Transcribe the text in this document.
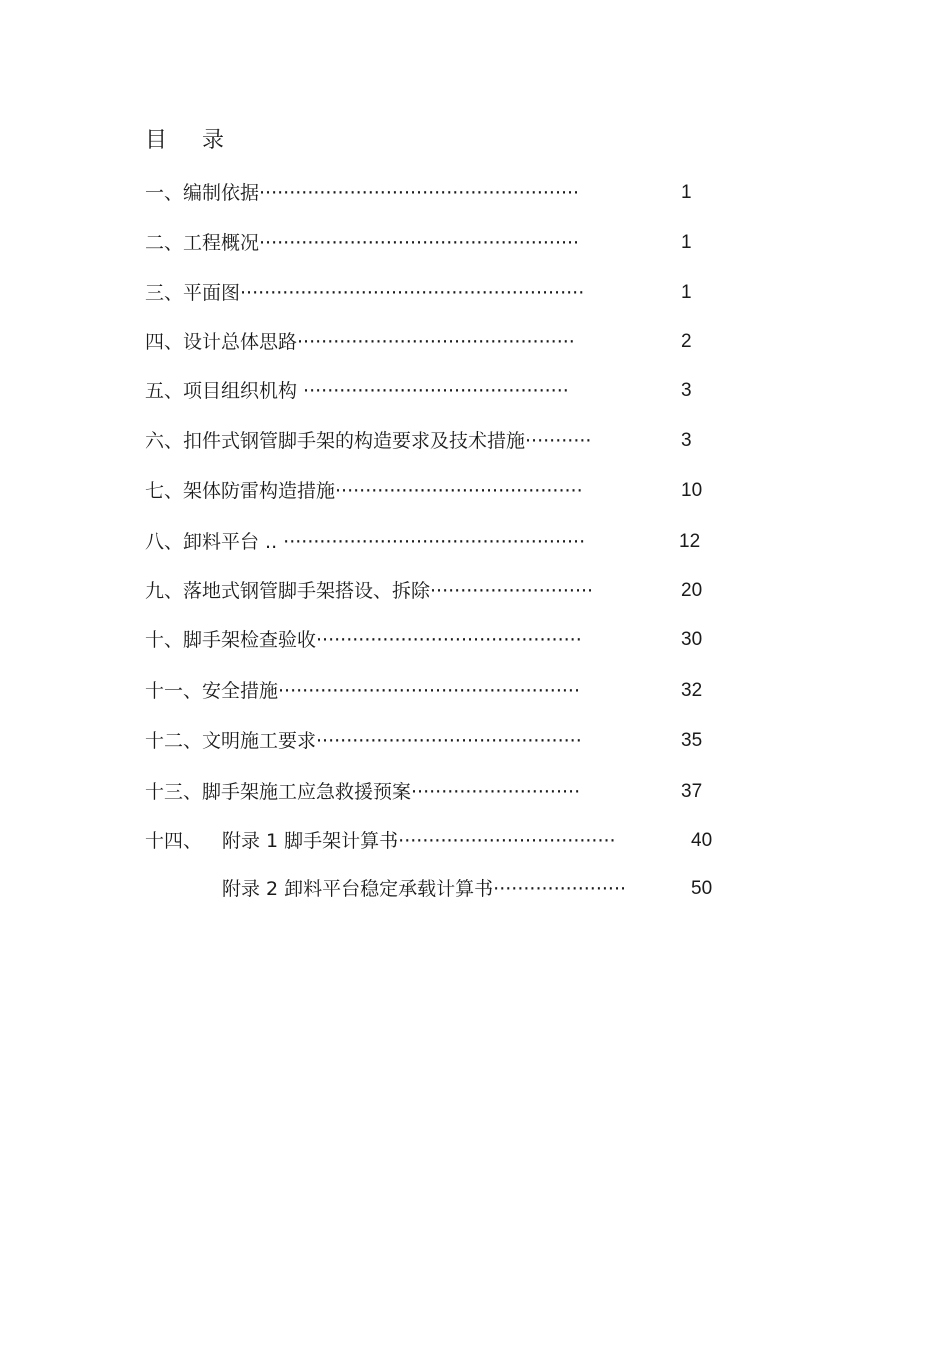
目 录
一、编制依据·····················································	1
二、工程概况·····················································	1
三、平面图·························································	1
四、设计总体思路··············································	2
五、项目组织机构 ············································	3
六、扣件式钢管脚手架的构造要求及技术措施···········	3
七、架体防雷构造措施·········································	10
八、卸料平台 .. ··················································	12
九、落地式钢管脚手架搭设、拆除···························	20
十、脚手架检查验收············································	30
十一、安全措施··················································	32
十二、文明施工要求············································	35
十三、脚手架施工应急救援预案····························	37
十四、 附录 1 脚手架计算书····································	40
附录 2 卸料平台稳定承载计算书······················	50
